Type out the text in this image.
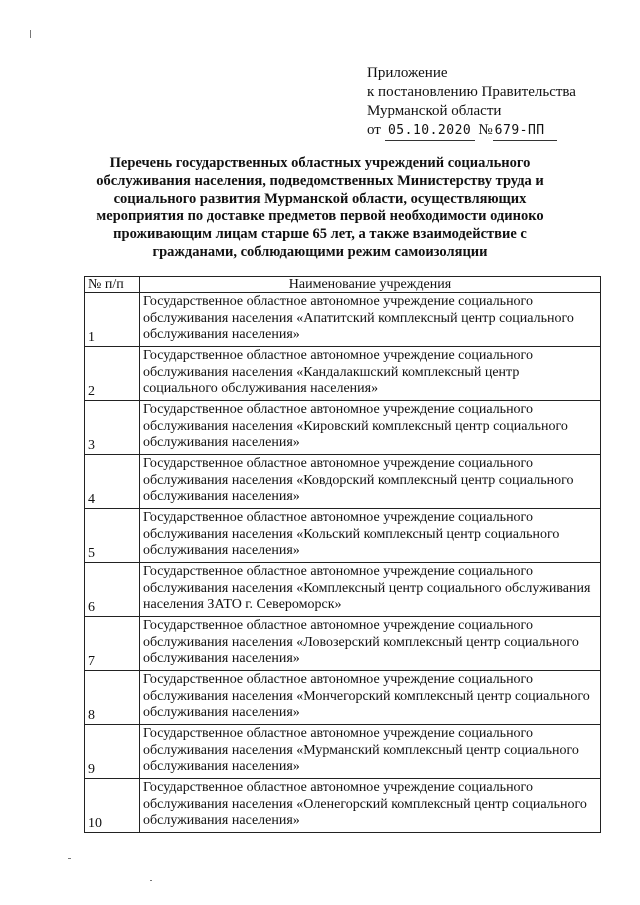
Приложение
к постановлению Правительства
Мурманской области
от 05.10.2020 № 679-ПП
Перечень государственных областных учреждений социального обслуживания населения, подведомственных Министерству труда и социального развития Мурманской области, осуществляющих мероприятия по доставке предметов первой необходимости одиноко проживающим лицам старше 65 лет, а также взаимодействие с гражданами, соблюдающими режим самоизоляции
№ п/п	Наименование учреждения
1	Государственное областное автономное учреждение социального обслуживания населения «Апатитский комплексный центр социального обслуживания населения»
2	Государственное областное автономное учреждение социального обслуживания населения «Кандалакшский комплексный центр социального обслуживания населения»
3	Государственное областное автономное учреждение социального обслуживания населения «Кировский комплексный центр социального обслуживания населения»
4	Государственное областное автономное учреждение социального обслуживания населения «Ковдорский комплексный центр социального обслуживания населения»
5	Государственное областное автономное учреждение социального обслуживания населения «Кольский комплексный центр социального обслуживания населения»
6	Государственное областное автономное учреждение социального обслуживания населения «Комплексный центр социального обслуживания населения ЗАТО г. Североморск»
7	Государственное областное автономное учреждение социального обслуживания населения «Ловозерский комплексный центр социального обслуживания населения»
8	Государственное областное автономное учреждение социального обслуживания населения «Мончегорский комплексный центр социального обслуживания населения»
9	Государственное областное автономное учреждение социального обслуживания населения «Мурманский комплексный центр социального обслуживания населения»
10	Государственное областное автономное учреждение социального обслуживания населения «Оленегорский комплексный центр социального обслуживания населения»
